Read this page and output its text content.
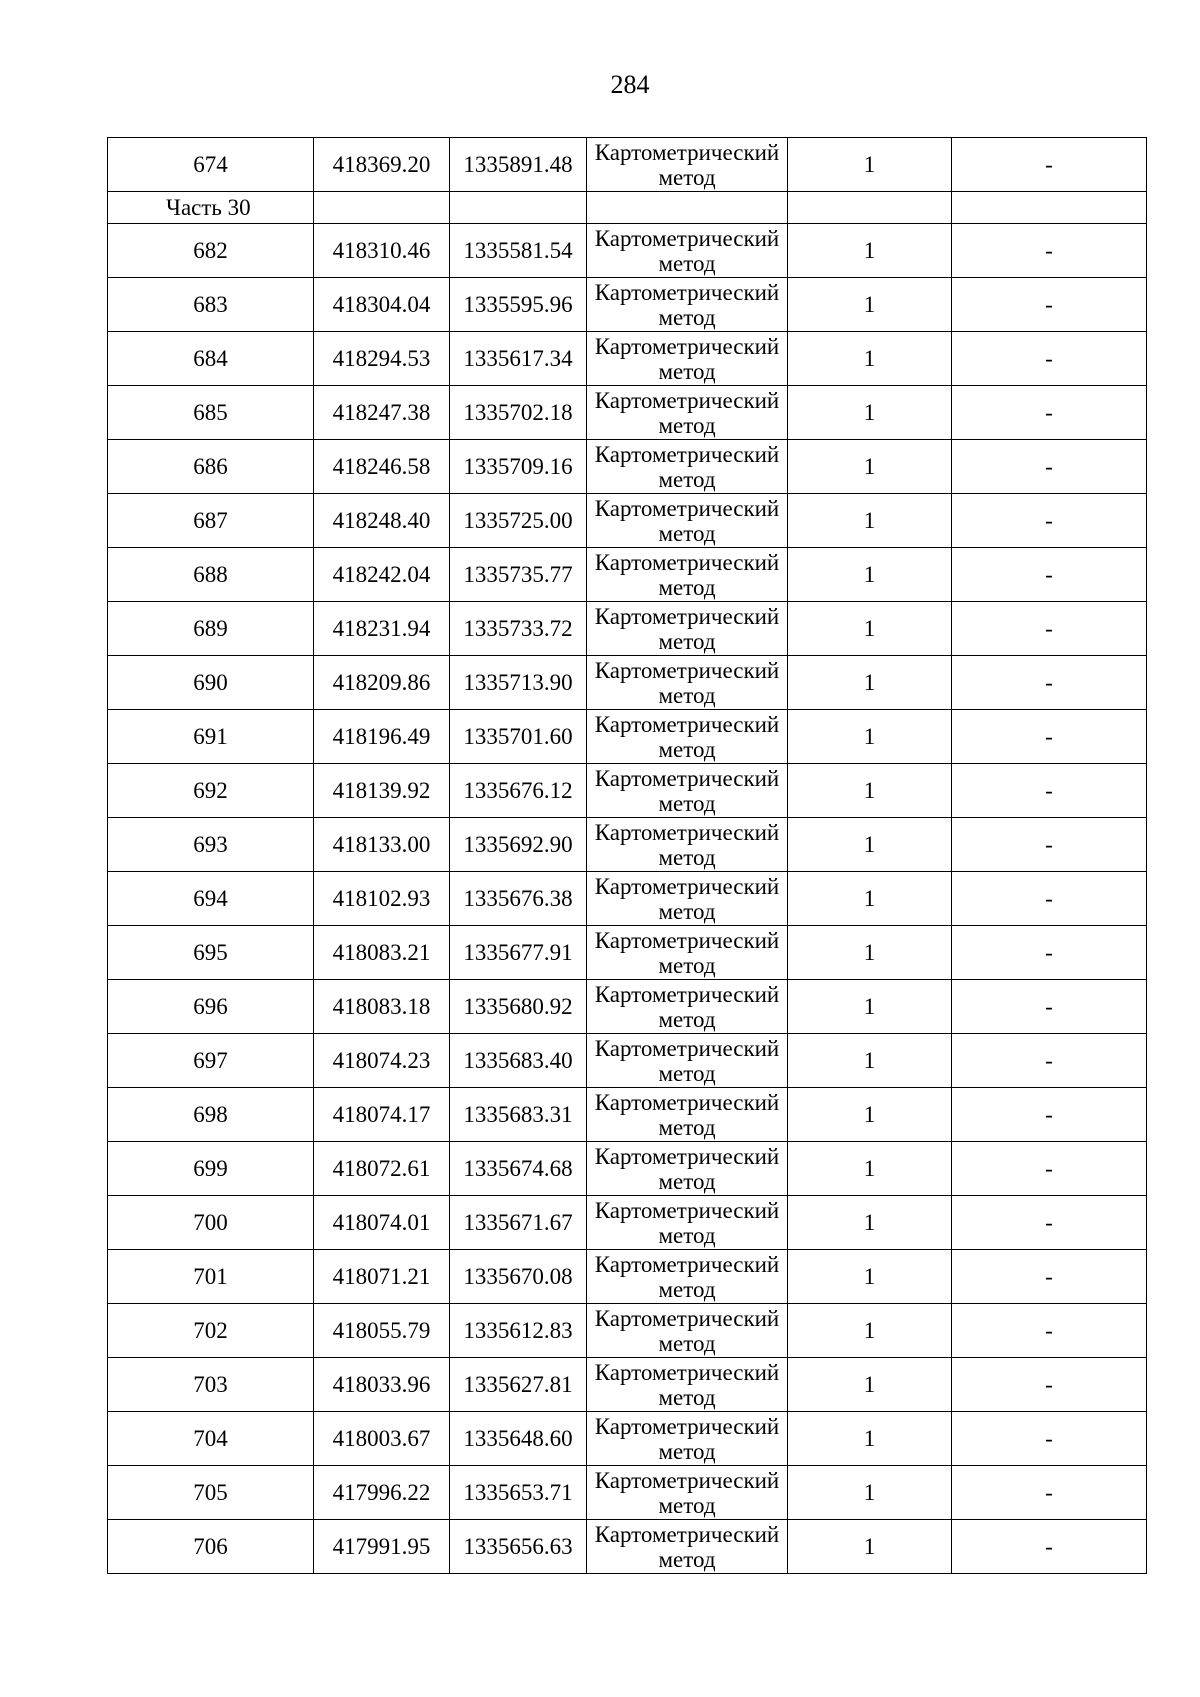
284
674	418369.20	1335891.48	Картометрический
метод	1	-
Часть 30					
682	418310.46	1335581.54	Картометрический
метод	1	-
683	418304.04	1335595.96	Картометрический
метод	1	-
684	418294.53	1335617.34	Картометрический
метод	1	-
685	418247.38	1335702.18	Картометрический
метод	1	-
686	418246.58	1335709.16	Картометрический
метод	1	-
687	418248.40	1335725.00	Картометрический
метод	1	-
688	418242.04	1335735.77	Картометрический
метод	1	-
689	418231.94	1335733.72	Картометрический
метод	1	-
690	418209.86	1335713.90	Картометрический
метод	1	-
691	418196.49	1335701.60	Картометрический
метод	1	-
692	418139.92	1335676.12	Картометрический
метод	1	-
693	418133.00	1335692.90	Картометрический
метод	1	-
694	418102.93	1335676.38	Картометрический
метод	1	-
695	418083.21	1335677.91	Картометрический
метод	1	-
696	418083.18	1335680.92	Картометрический
метод	1	-
697	418074.23	1335683.40	Картометрический
метод	1	-
698	418074.17	1335683.31	Картометрический
метод	1	-
699	418072.61	1335674.68	Картометрический
метод	1	-
700	418074.01	1335671.67	Картометрический
метод	1	-
701	418071.21	1335670.08	Картометрический
метод	1	-
702	418055.79	1335612.83	Картометрический
метод	1	-
703	418033.96	1335627.81	Картометрический
метод	1	-
704	418003.67	1335648.60	Картометрический
метод	1	-
705	417996.22	1335653.71	Картометрический
метод	1	-
706	417991.95	1335656.63	Картометрический
метод	1	-
